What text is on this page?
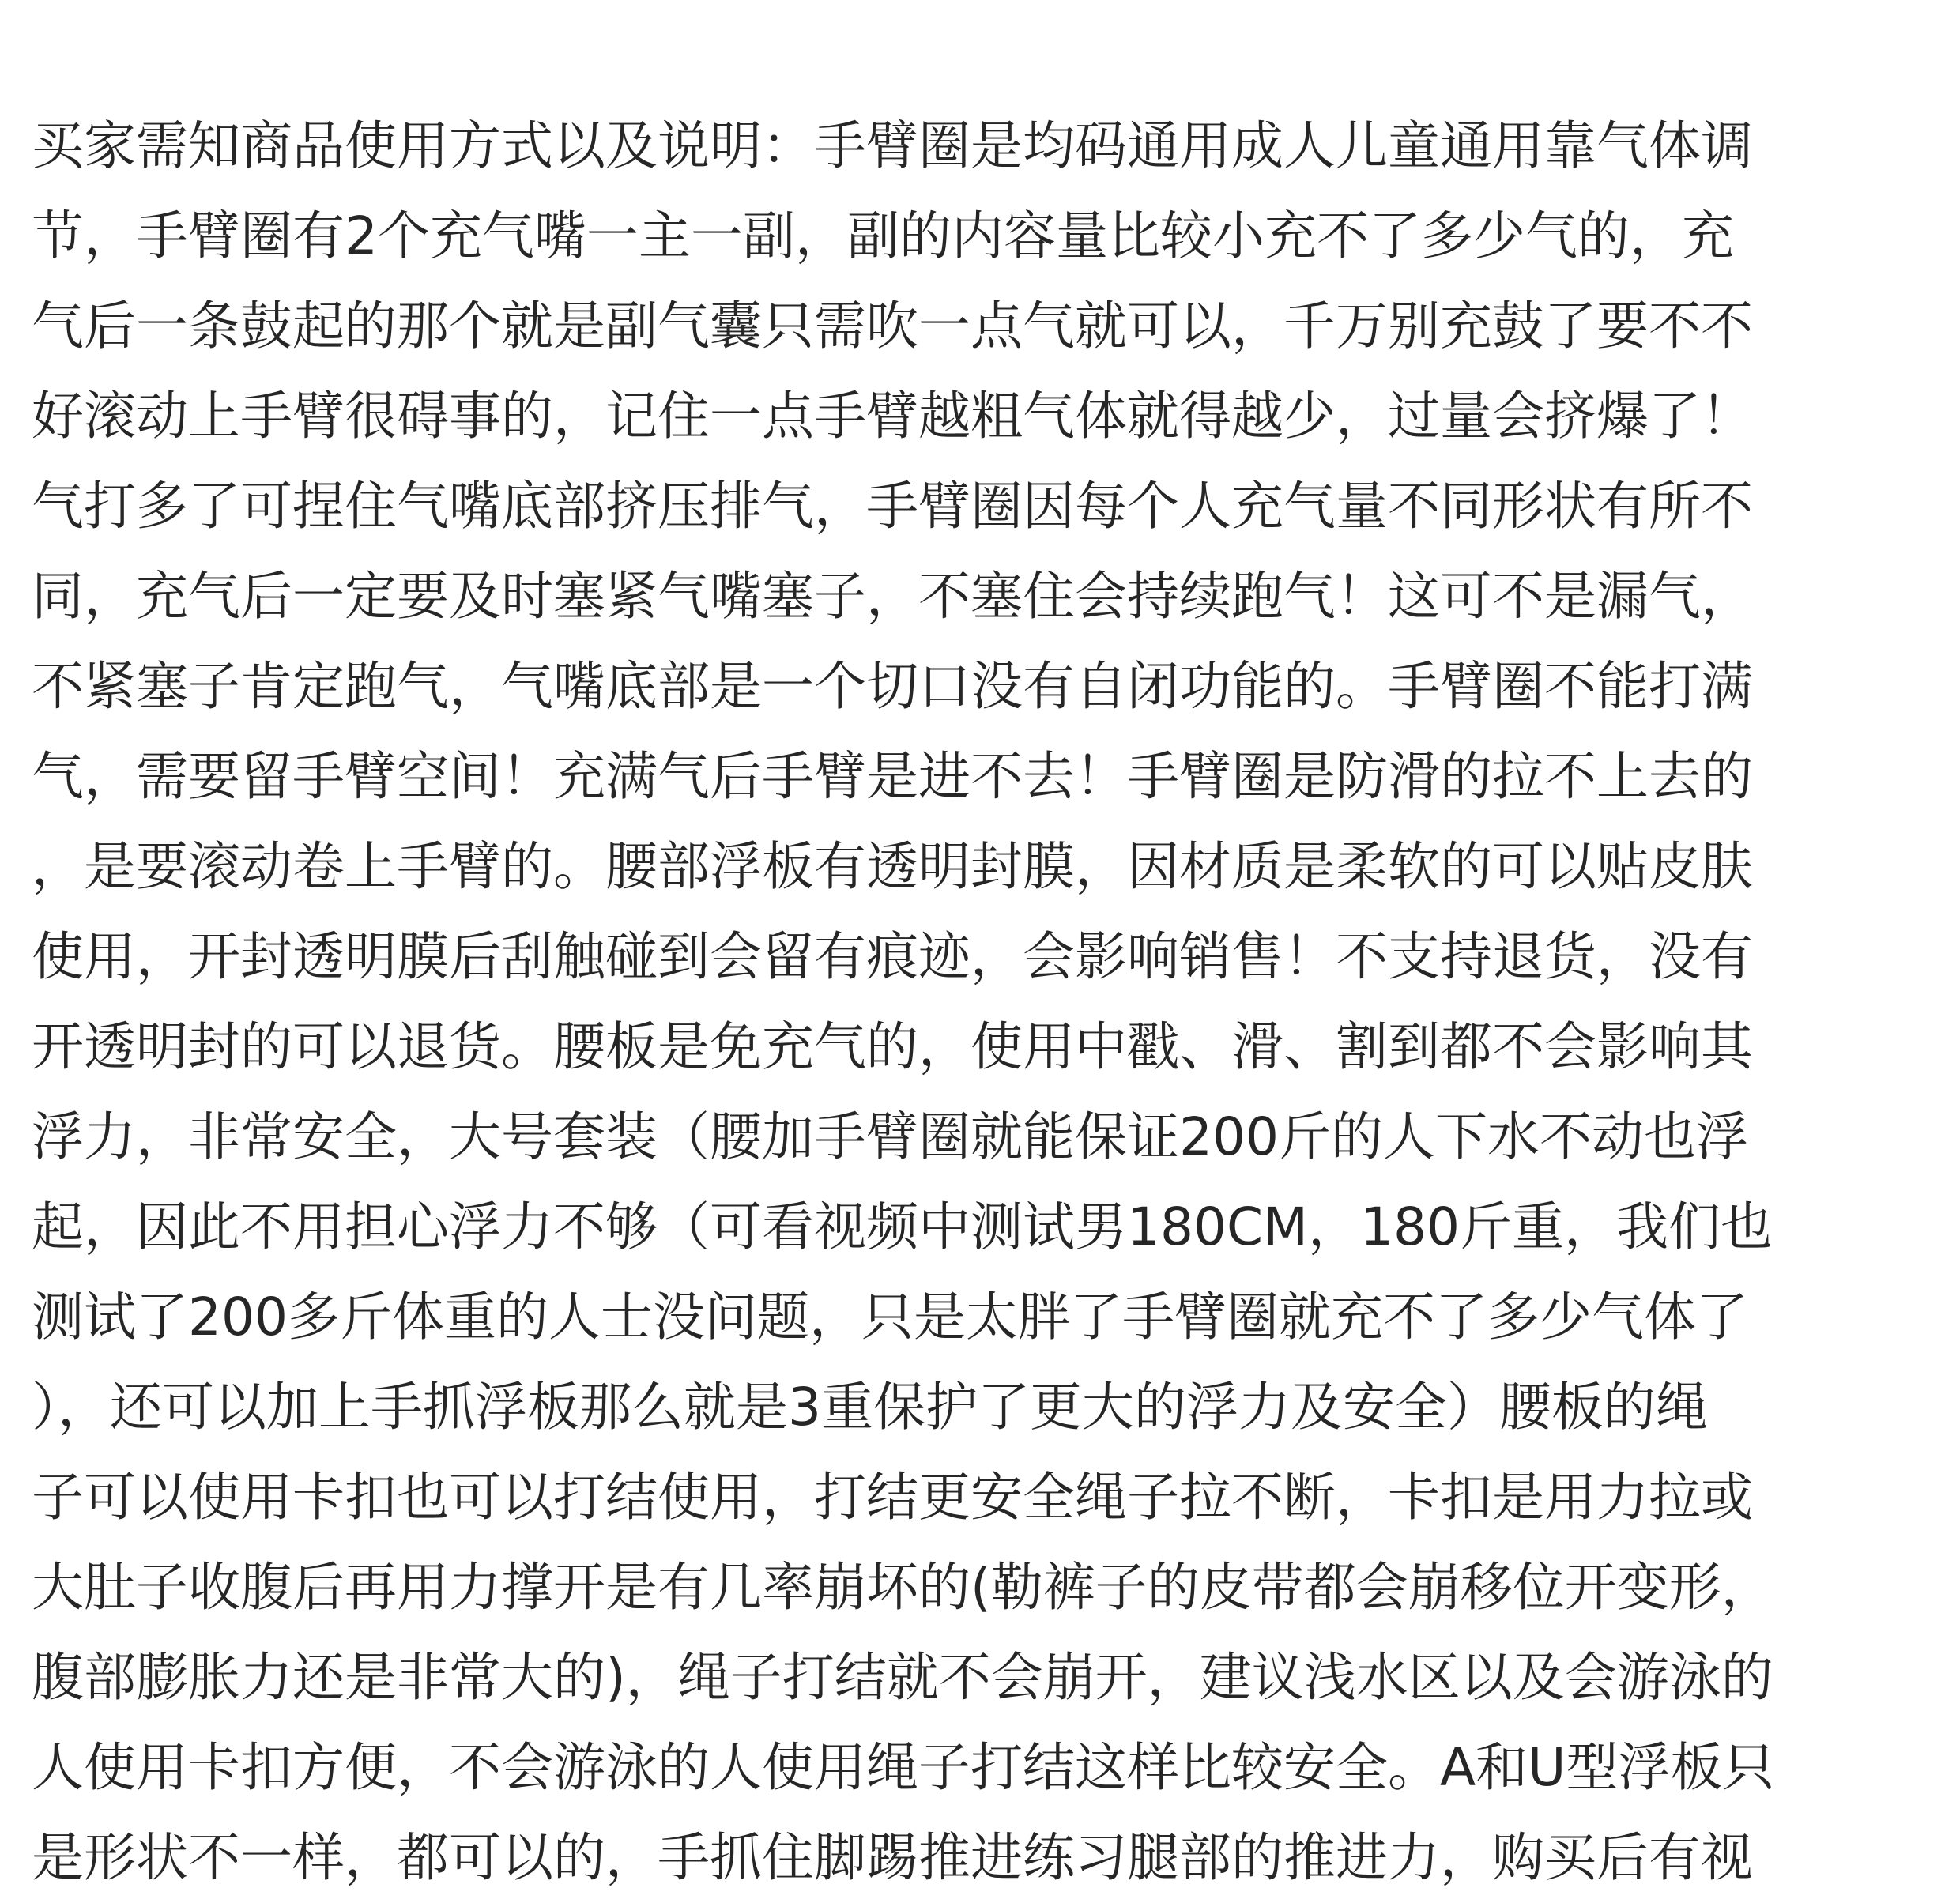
买家需知商品使用方式以及说明：手臂圈是均码通用成人儿童通用靠气体调
节，手臂圈有2个充气嘴一主一副，副的内容量比较小充不了多少气的，充
气后一条鼓起的那个就是副气囊只需吹一点气就可以，千万别充鼓了要不不
好滚动上手臂很碍事的，记住一点手臂越粗气体就得越少，过量会挤爆了！
气打多了可捏住气嘴底部挤压排气，手臂圈因每个人充气量不同形状有所不
同，充气后一定要及时塞紧气嘴塞子，不塞住会持续跑气！这可不是漏气，
不紧塞子肯定跑气，气嘴底部是一个切口没有自闭功能的。手臂圈不能打满
气，需要留手臂空间！充满气后手臂是进不去！手臂圈是防滑的拉不上去的
，是要滚动卷上手臂的。腰部浮板有透明封膜，因材质是柔软的可以贴皮肤
使用，开封透明膜后刮触碰到会留有痕迹，会影响销售！不支持退货，没有
开透明封的可以退货。腰板是免充气的，使用中戳、滑、割到都不会影响其
浮力，非常安全，大号套装（腰加手臂圈就能保证200斤的人下水不动也浮
起，因此不用担心浮力不够（可看视频中测试男180CM，180斤重，我们也
测试了200多斤体重的人士没问题，只是太胖了手臂圈就充不了多少气体了
），还可以加上手抓浮板那么就是3重保护了更大的浮力及安全）腰板的绳
子可以使用卡扣也可以打结使用，打结更安全绳子拉不断，卡扣是用力拉或
大肚子收腹后再用力撑开是有几率崩坏的(勒裤子的皮带都会崩移位开变形，
腹部膨胀力还是非常大的)，绳子打结就不会崩开，建议浅水区以及会游泳的
人使用卡扣方便，不会游泳的人使用绳子打结这样比较安全。A和U型浮板只
是形状不一样，都可以的，手抓住脚踢推进练习腿部的推进力，购买后有视
